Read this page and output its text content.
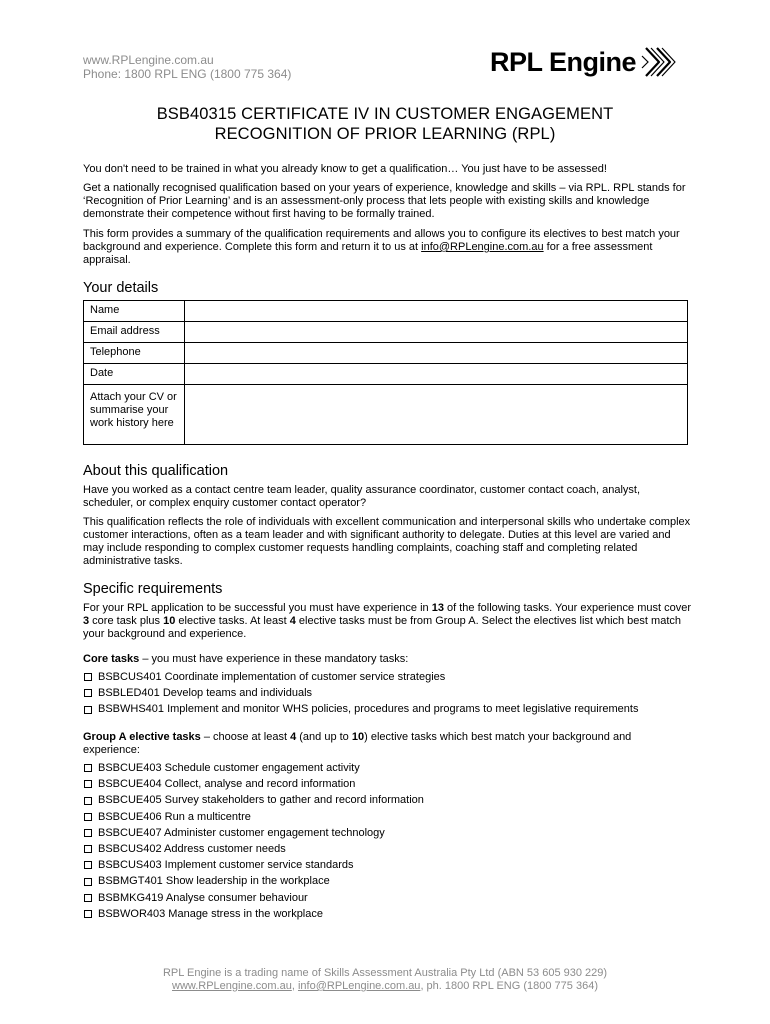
www.RPLengine.com.au
Phone: 1800 RPL ENG (1800 775 364)	RPL Engine
BSB40315 CERTIFICATE IV IN CUSTOMER ENGAGEMENT
RECOGNITION OF PRIOR LEARNING (RPL)

You don't need to be trained in what you already know to get a qualification… You just have to be assessed!

Get a nationally recognised qualification based on your years of experience, knowledge and skills – via RPL. RPL stands for ‘Recognition of Prior Learning’ and is an assessment-only process that lets people with existing skills and knowledge demonstrate their competence without first having to be formally trained.

This form provides a summary of the qualification requirements and allows you to configure its electives to best match your background and experience. Complete this form and return it to us at info@RPLengine.com.au for a free assessment appraisal.

Your details
Name	
Email address	
Telephone	
Date	
Attach your CV or summarise your work history here	
About this qualification

Have you worked as a contact centre team leader, quality assurance coordinator, customer contact coach, analyst, scheduler, or complex enquiry customer contact operator?

This qualification reflects the role of individuals with excellent communication and interpersonal skills who undertake complex customer interactions, often as a team leader and with significant authority to delegate. Duties at this level are varied and may include responding to complex customer requests handling complaints, coaching staff and completing related administrative tasks.

Specific requirements

For your RPL application to be successful you must have experience in 13 of the following tasks. Your experience must cover 3 core task plus 10 elective tasks. At least 4 elective tasks must be from Group A. Select the electives list which best match your background and experience.

Core tasks – you must have experience in these mandatory tasks:
BSBCUS401 Coordinate implementation of customer service strategies
BSBLED401 Develop teams and individuals
BSBWHS401 Implement and monitor WHS policies, procedures and programs to meet legislative requirements
Group A elective tasks – choose at least 4 (and up to 10) elective tasks which best match your background and experience:
BSBCUE403 Schedule customer engagement activity
BSBCUE404 Collect, analyse and record information
BSBCUE405 Survey stakeholders to gather and record information
BSBCUE406 Run a multicentre
BSBCUE407 Administer customer engagement technology
BSBCUS402 Address customer needs
BSBCUS403 Implement customer service standards
BSBMGT401 Show leadership in the workplace
BSBMKG419 Analyse consumer behaviour
BSBWOR403 Manage stress in the workplace
RPL Engine is a trading name of Skills Assessment Australia Pty Ltd (ABN 53 605 930 229)
www.RPLengine.com.au, info@RPLengine.com.au, ph. 1800 RPL ENG (1800 775 364)
